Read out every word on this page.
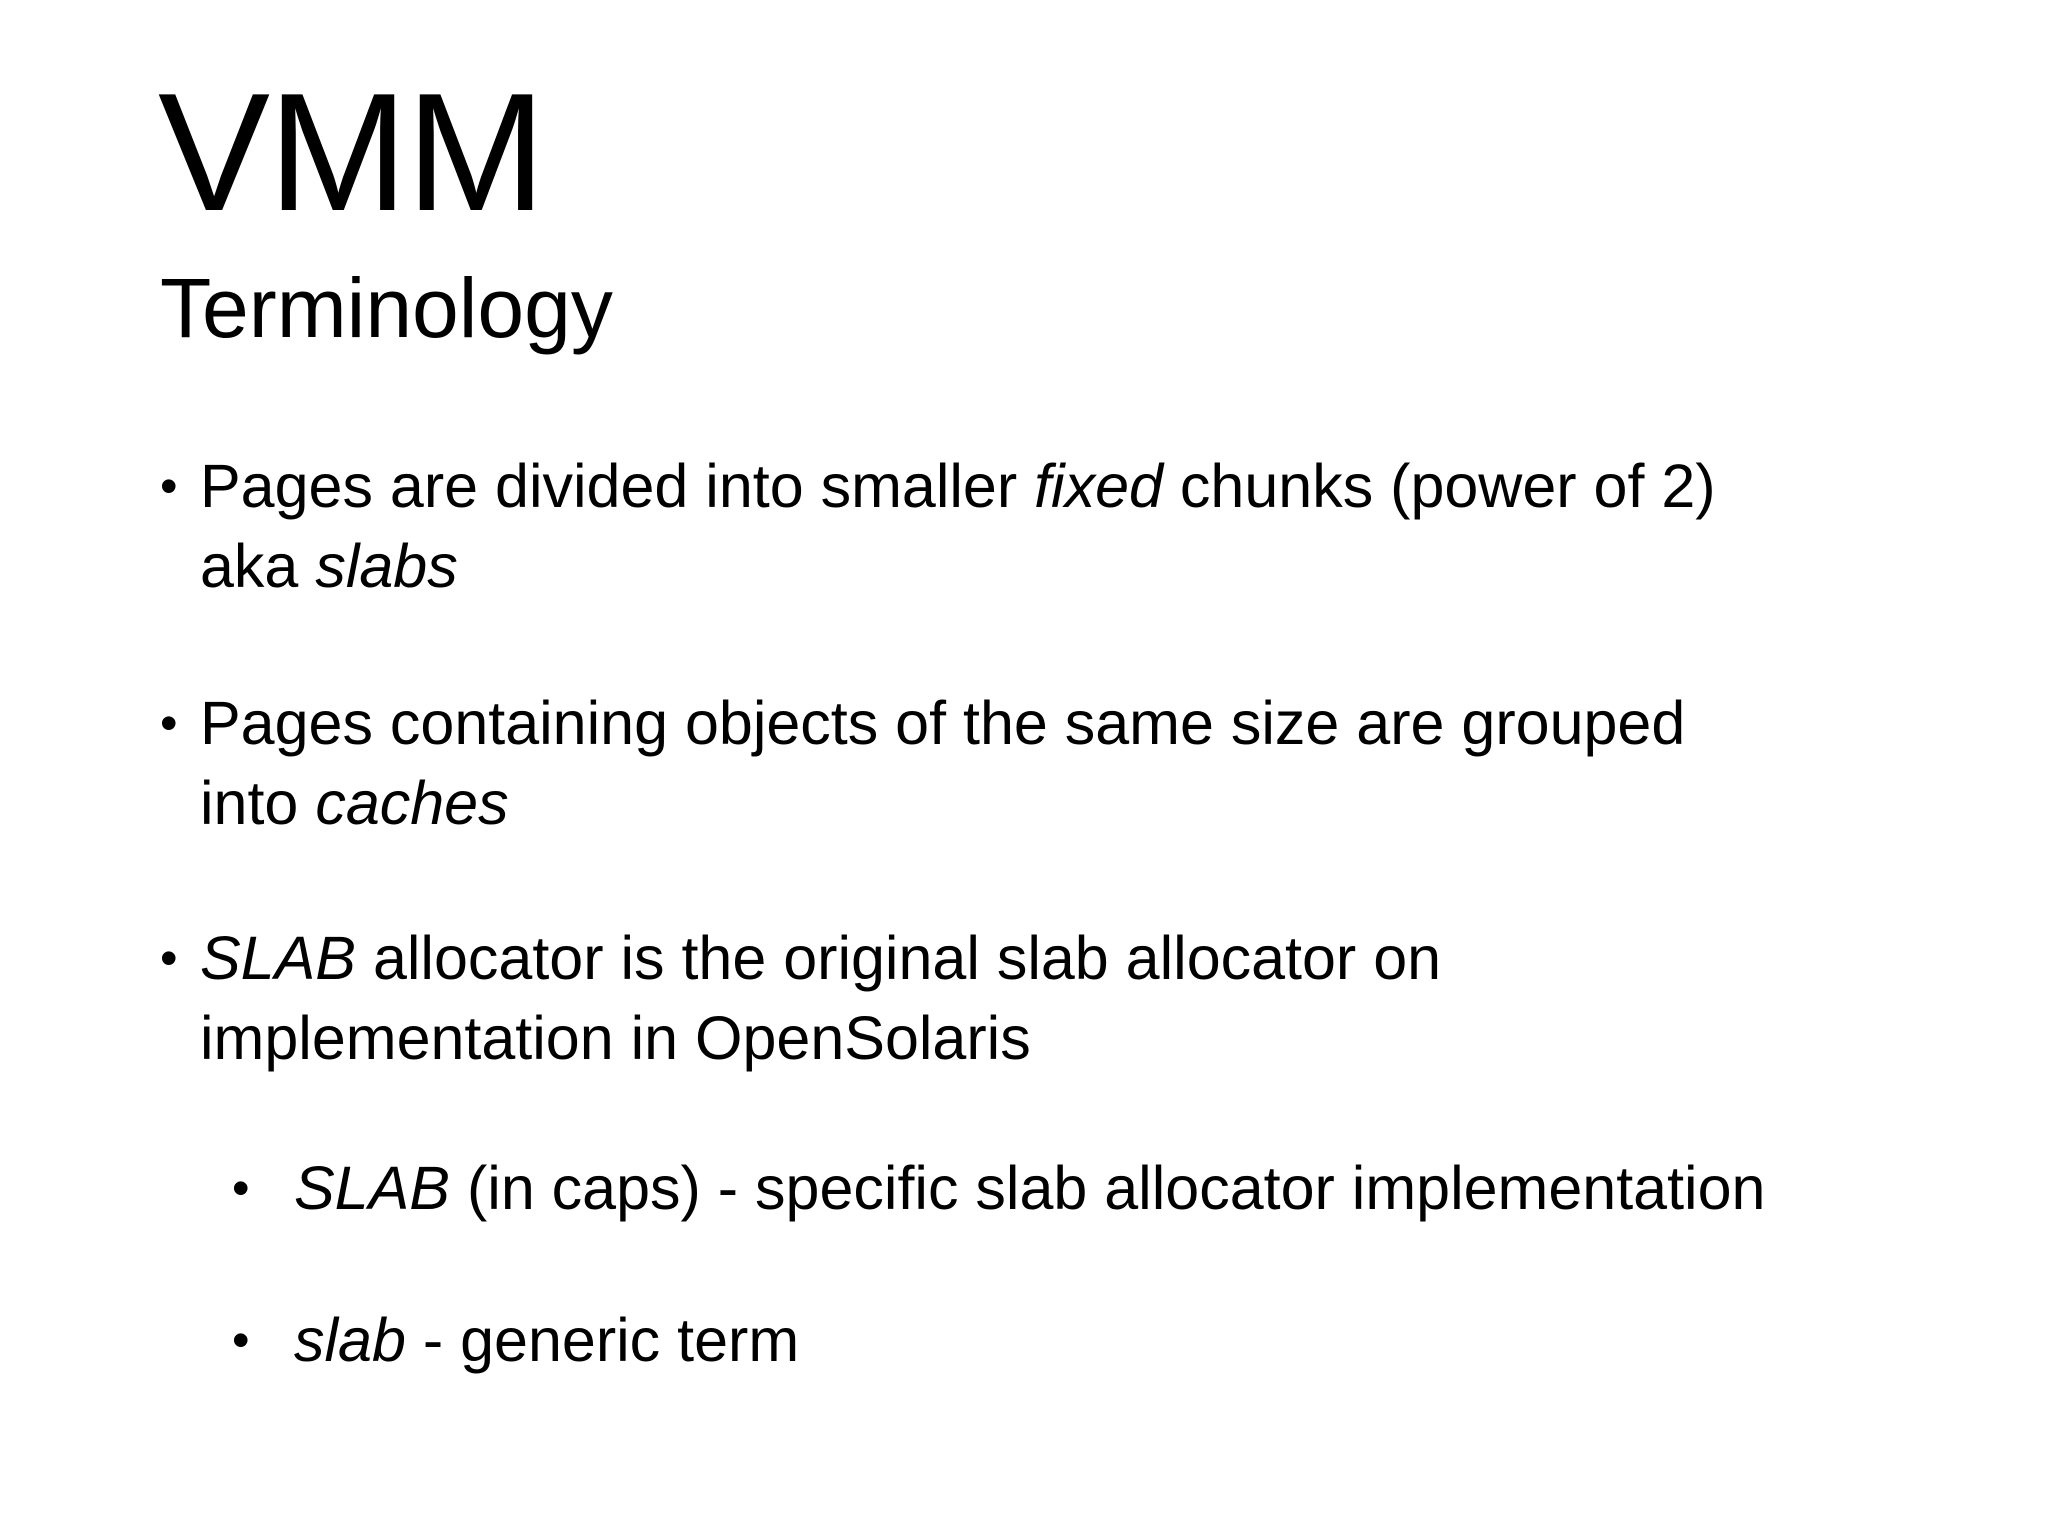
VMM
Terminology
• Pages are divided into smaller fixed chunks (power of 2)
aka slabs
• Pages containing objects of the same size are grouped
into caches
• SLAB allocator is the original slab allocator on
implementation in OpenSolaris
• SLAB (in caps) - specific slab allocator implementation
• slab - generic term
